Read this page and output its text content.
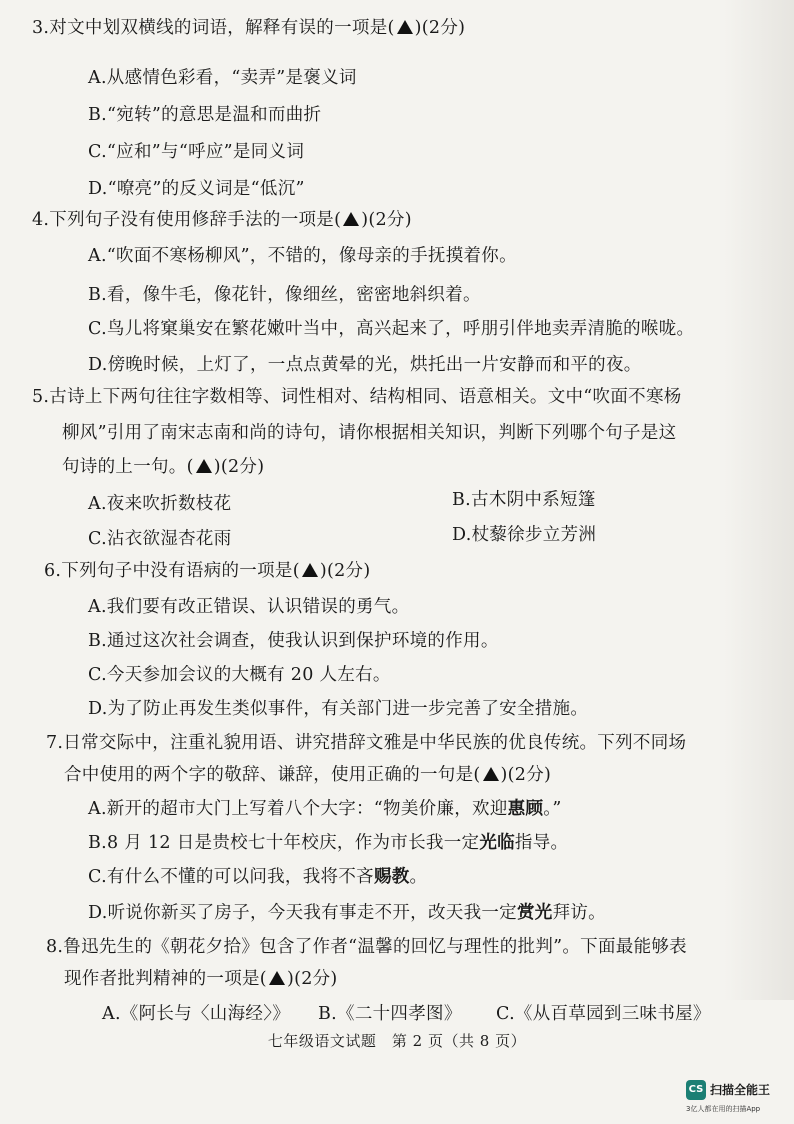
3.对文中划双横线的词语，解释有误的一项是( )(2分)
A.从感情色彩看，“卖弄”是褒义词
B.“宛转”的意思是温和而曲折
C.“应和”与“呼应”是同义词
D.“嘹亮”的反义词是“低沉”
4.下列句子没有使用修辞手法的一项是( )(2分)
A.“吹面不寒杨柳风”，不错的，像母亲的手抚摸着你。
B.看，像牛毛，像花针，像细丝，密密地斜织着。
C.鸟儿将窠巢安在繁花嫩叶当中，高兴起来了，呼朋引伴地卖弄清脆的喉咙。
D.傍晚时候，上灯了，一点点黄晕的光，烘托出一片安静而和平的夜。
5.古诗上下两句往往字数相等、词性相对、结构相同、语意相关。文中“吹面不寒杨
柳风”引用了南宋志南和尚的诗句，请你根据相关知识，判断下列哪个句子是这
句诗的上一句。( )(2分)
A.夜来吹折数枝花	B.古木阴中系短篷
C.沾衣欲湿杏花雨	D.杖藜徐步立芳洲
6.下列句子中没有语病的一项是( )(2分)
A.我们要有改正错误、认识错误的勇气。
B.通过这次社会调查，使我认识到保护环境的作用。
C.今天参加会议的大概有 20 人左右。
D.为了防止再发生类似事件，有关部门进一步完善了安全措施。
7.日常交际中，注重礼貌用语、讲究措辞文雅是中华民族的优良传统。下列不同场
合中使用的两个字的敬辞、谦辞，使用正确的一句是( )(2分)
A.新开的超市大门上写着八个大字：“物美价廉，欢迎惠顾。”
B.8 月 12 日是贵校七十年校庆，作为市长我一定光临指导。
C.有什么不懂的可以问我，我将不吝赐教。
D.听说你新买了房子，今天我有事走不开，改天我一定赏光拜访。
8.鲁迅先生的《朝花夕拾》包含了作者“温馨的回忆与理性的批判”。下面最能够表
现作者批判精神的一项是( )(2分)
A.《阿长与〈山海经〉》 B.《二十四孝图》 C.《从百草园到三味书屋》
七年级语文试题　第 2 页（共 8 页）
CS 扫描全能王
3亿人都在用的扫描App
